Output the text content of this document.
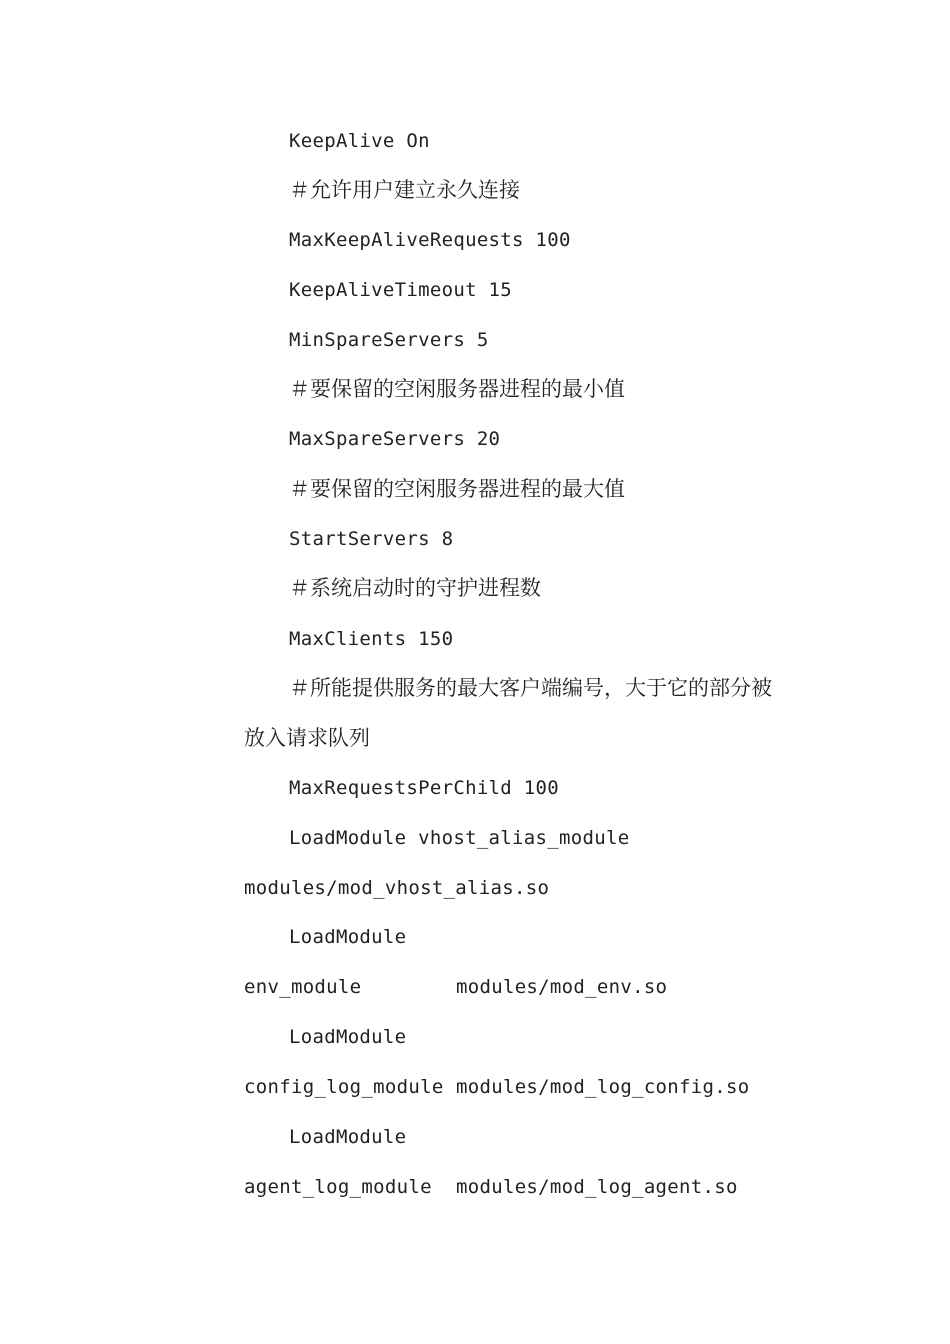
KeepAlive On
＃允许用户建立永久连接
MaxKeepAliveRequests 100
KeepAliveTimeout 15
MinSpareServers 5
＃要保留的空闲服务器进程的最小值
MaxSpareServers 20
＃要保留的空闲服务器进程的最大值
StartServers 8
＃系统启动时的守护进程数
MaxClients 150
＃所能提供服务的最大客户端编号，大于它的部分被
放入请求队列
MaxRequestsPerChild 100
LoadModule vhost_alias_module
modules/mod_vhost_alias.so
LoadModule
env_module	modules/mod_env.so
LoadModule
config_log_module modules/mod_log_config.so
LoadModule
agent_log_module modules/mod_log_agent.so
